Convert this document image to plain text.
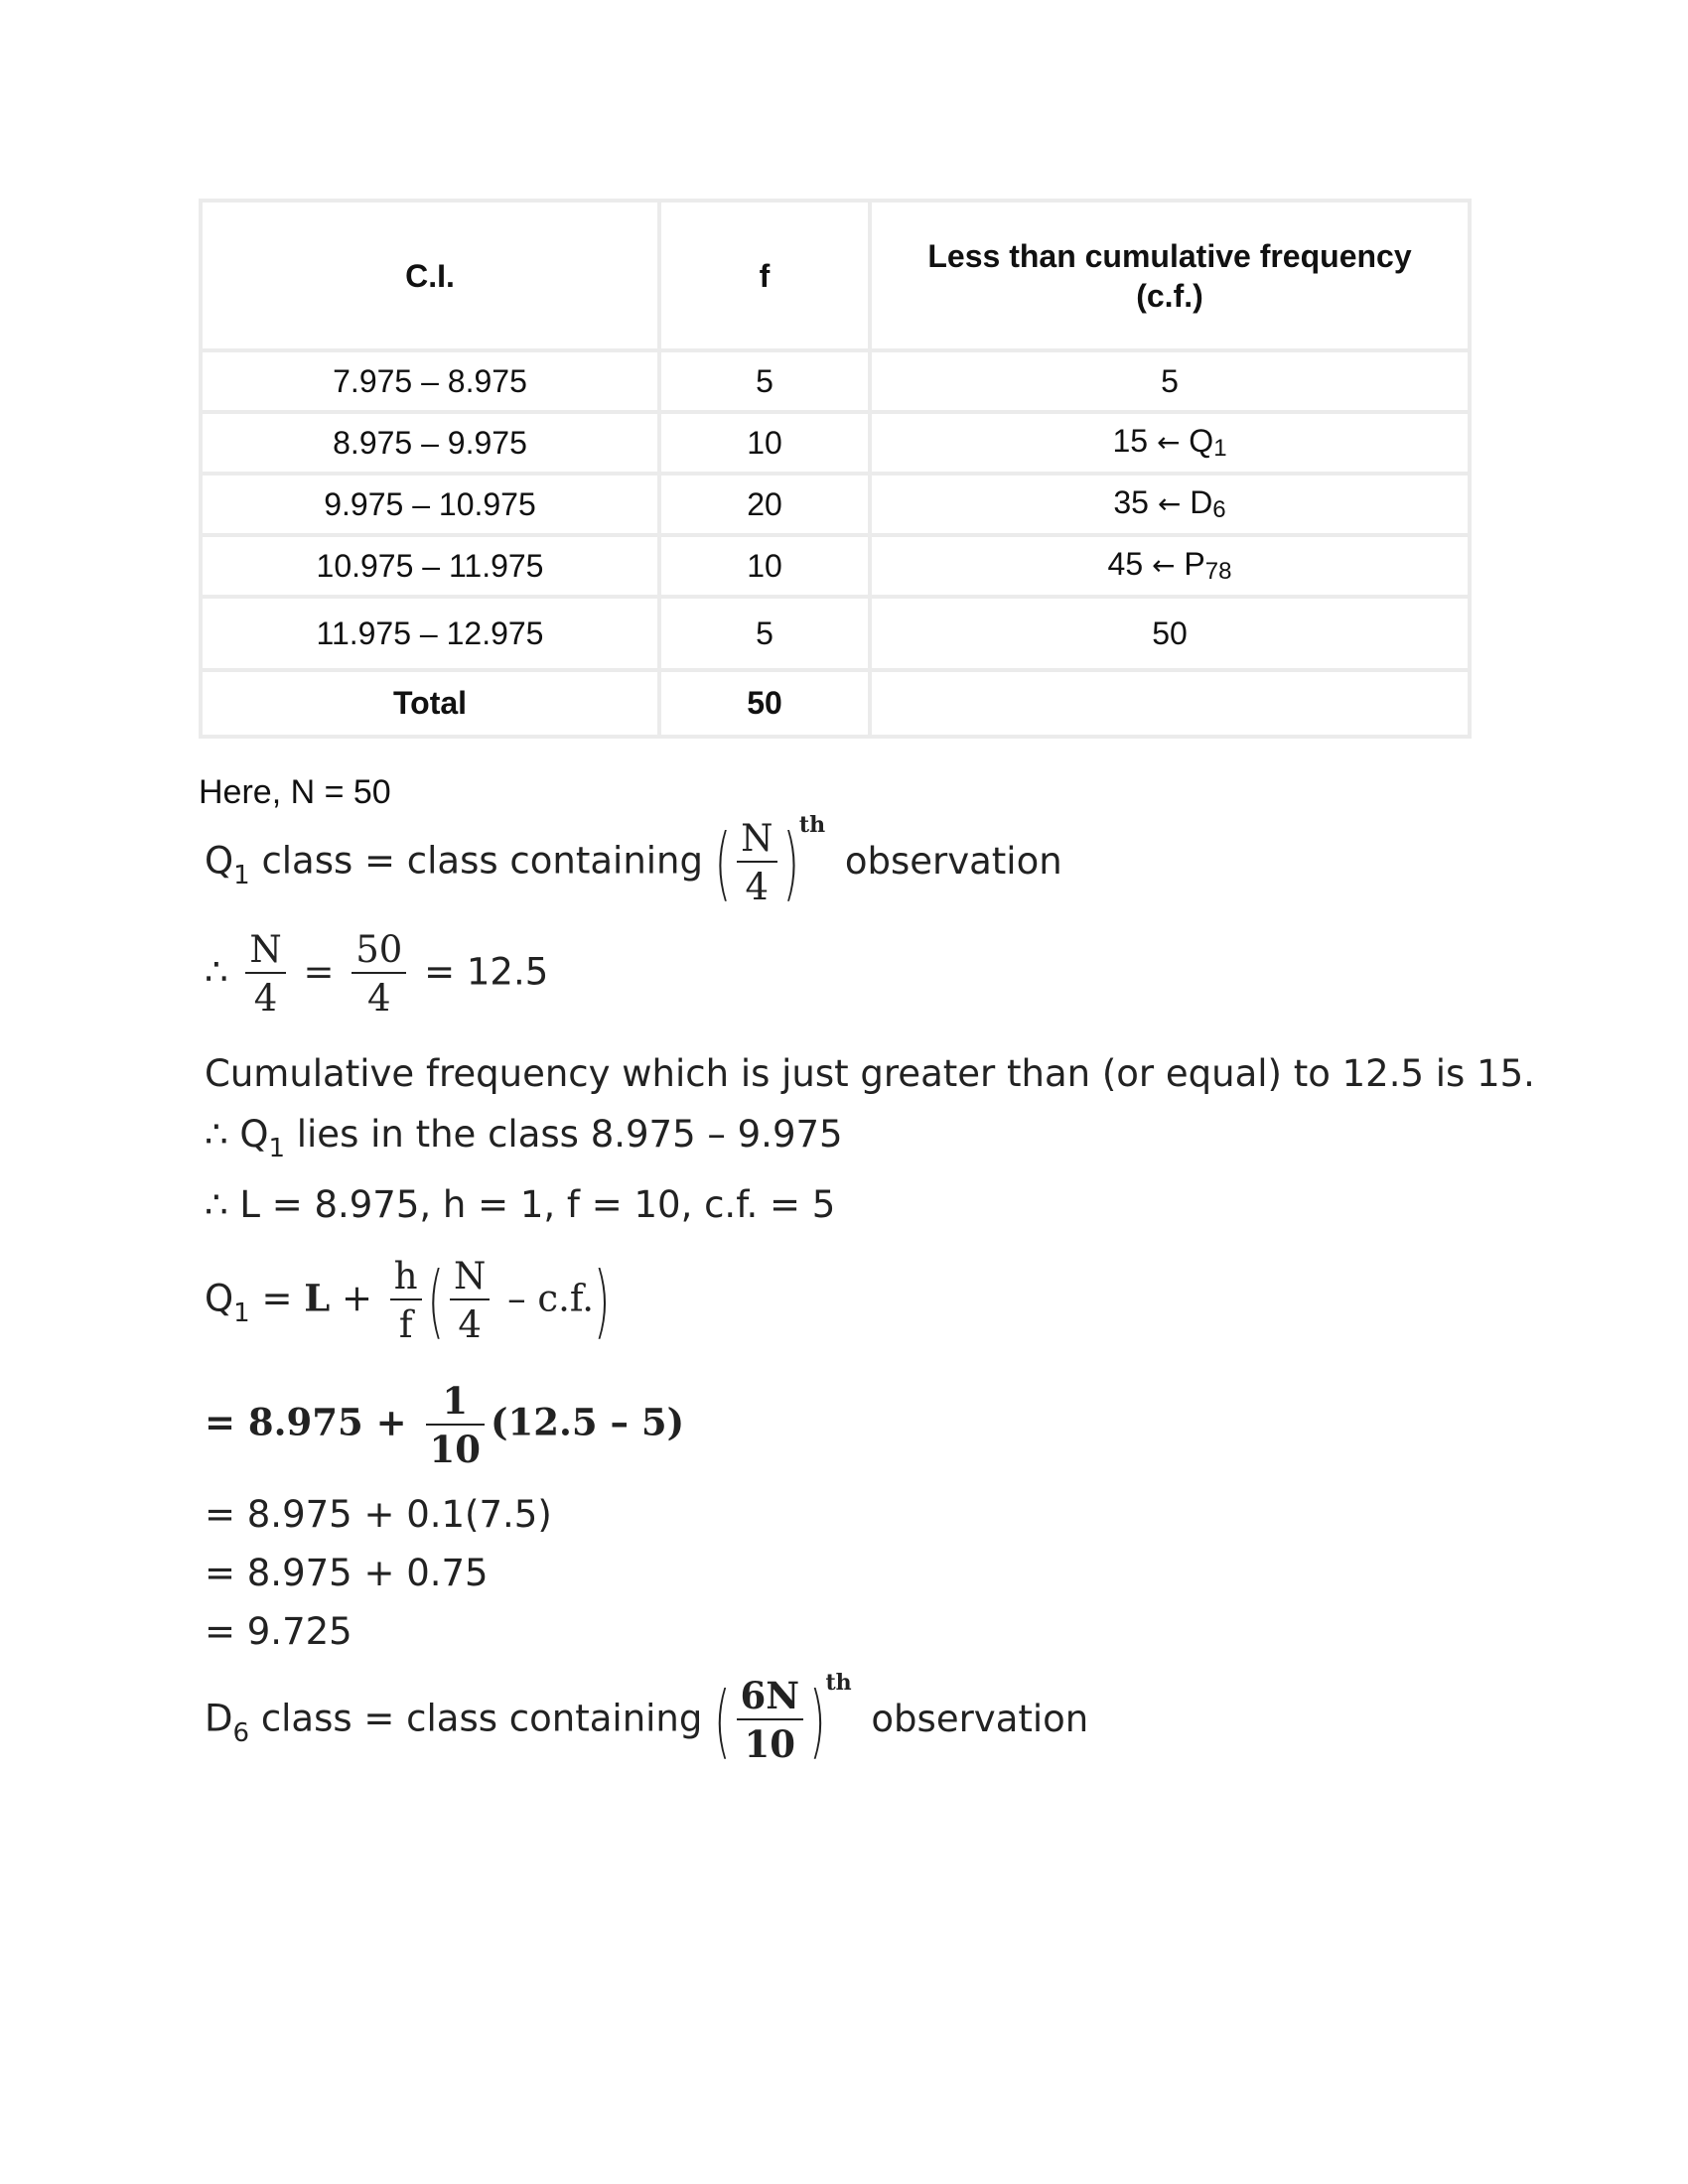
C.I.	f	Less than cumulative frequency
(c.f.)
7.975 – 8.975	5	5
8.975 – 9.975	10	15 ← Q1
9.975 – 10.975	20	35 ← D6
10.975 – 11.975	10	45 ← P78
11.975 – 12.975	5	50
Total	50	
Here, N = 50
$Q_1$ class = class containing ( $\frac{N}{4} )^{th}$ observation
∴ $\frac{N}{4} = \frac{50}{4} = 12.5$
Cumulative frequency which is just greater than (or equal) to 12.5 is 15.
∴ $Q_1$ lies in the class 8.975 – 9.975
∴ L = 8.975, h = 1, f = 10, c.f. = 5
$Q_1 = L + \frac{h}{f}$ ( $\frac{N}{4} - c.f$.)
= $8.975 + \frac{1}{10} (12.5 - 5)$
= 8.975 + 0.1(7.5)
= 8.975 + 0.75
= 9.725
$D_6$ class = class containing ( $\frac{6N}{10} )^{th}$ observation
